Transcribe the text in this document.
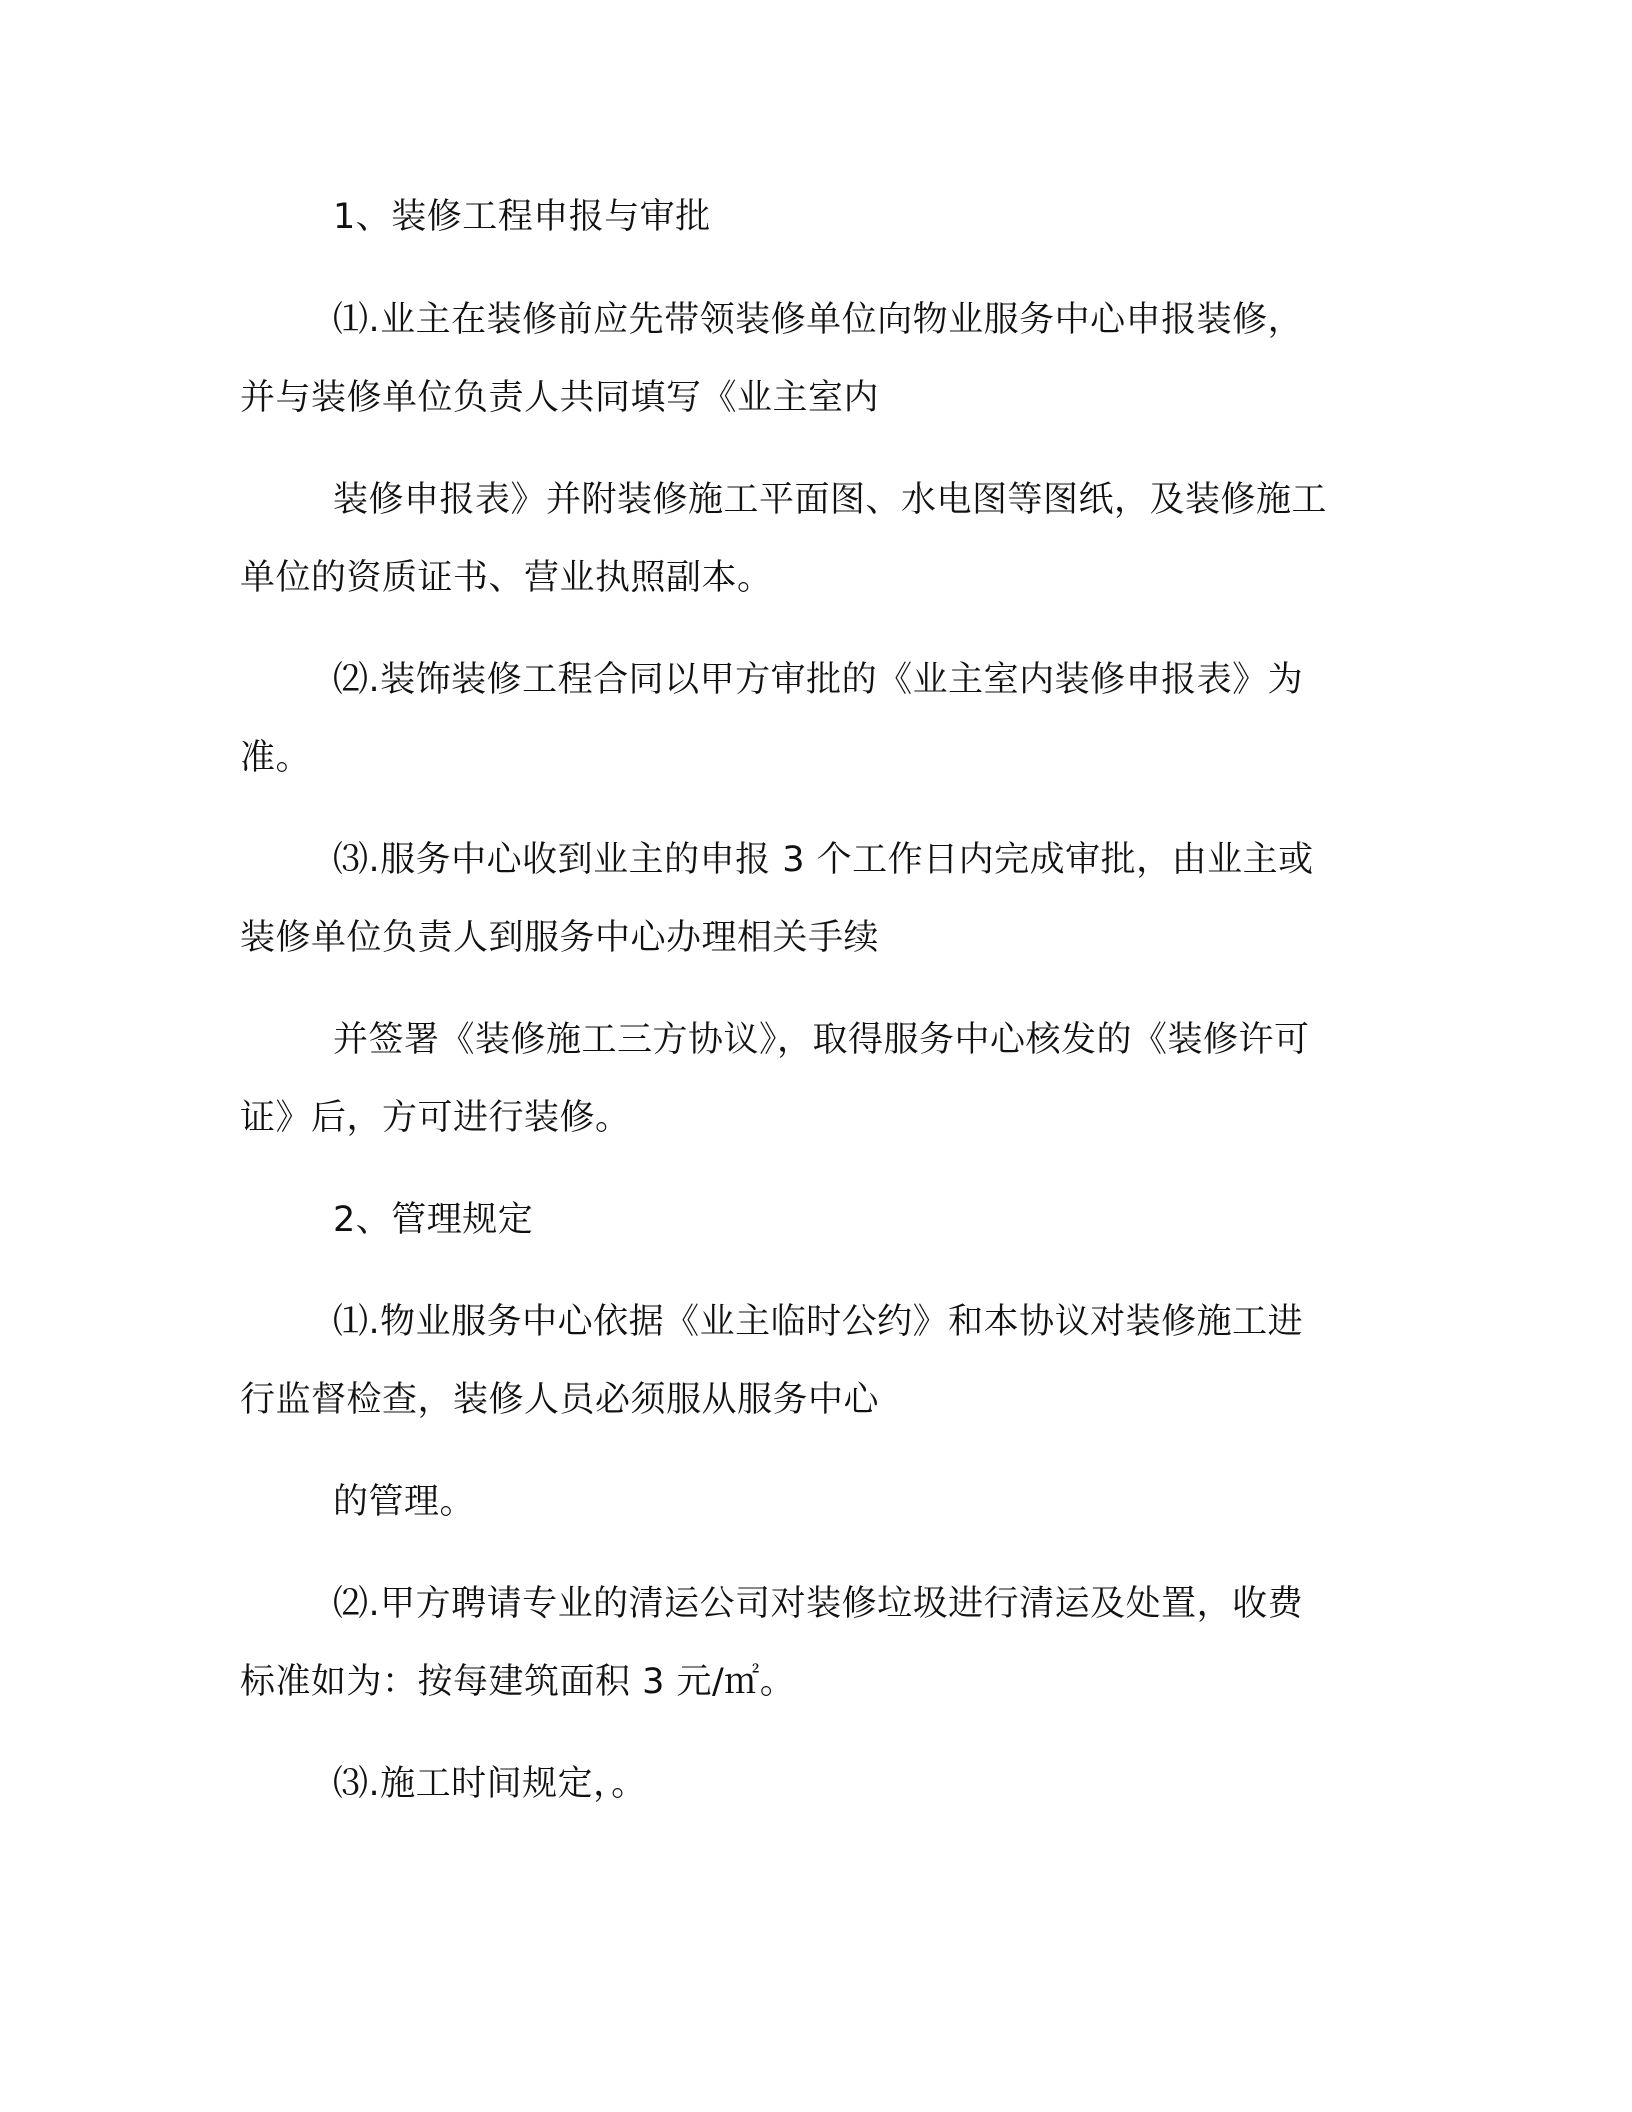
1、装修工程申报与审批
⑴.业主在装修前应先带领装修单位向物业服务中心申报装修，
并与装修单位负责人共同填写《业主室内
装修申报表》并附装修施工平面图、水电图等图纸，及装修施工
单位的资质证书、营业执照副本。
⑵.装饰装修工程合同以甲方审批的《业主室内装修申报表》为
准。
⑶.服务中心收到业主的申报 3 个工作日内完成审批，由业主或
装修单位负责人到服务中心办理相关手续
并签署《装修施工三方协议》，取得服务中心核发的《装修许可
证》后，方可进行装修。
2、管理规定
⑴.物业服务中心依据《业主临时公约》和本协议对装修施工进
行监督检查，装修人员必须服从服务中心
的管理。
⑵.甲方聘请专业的清运公司对装修垃圾进行清运及处置，收费
标准如为：按每建筑面积 3 元/㎡。
⑶.施工时间规定，。
